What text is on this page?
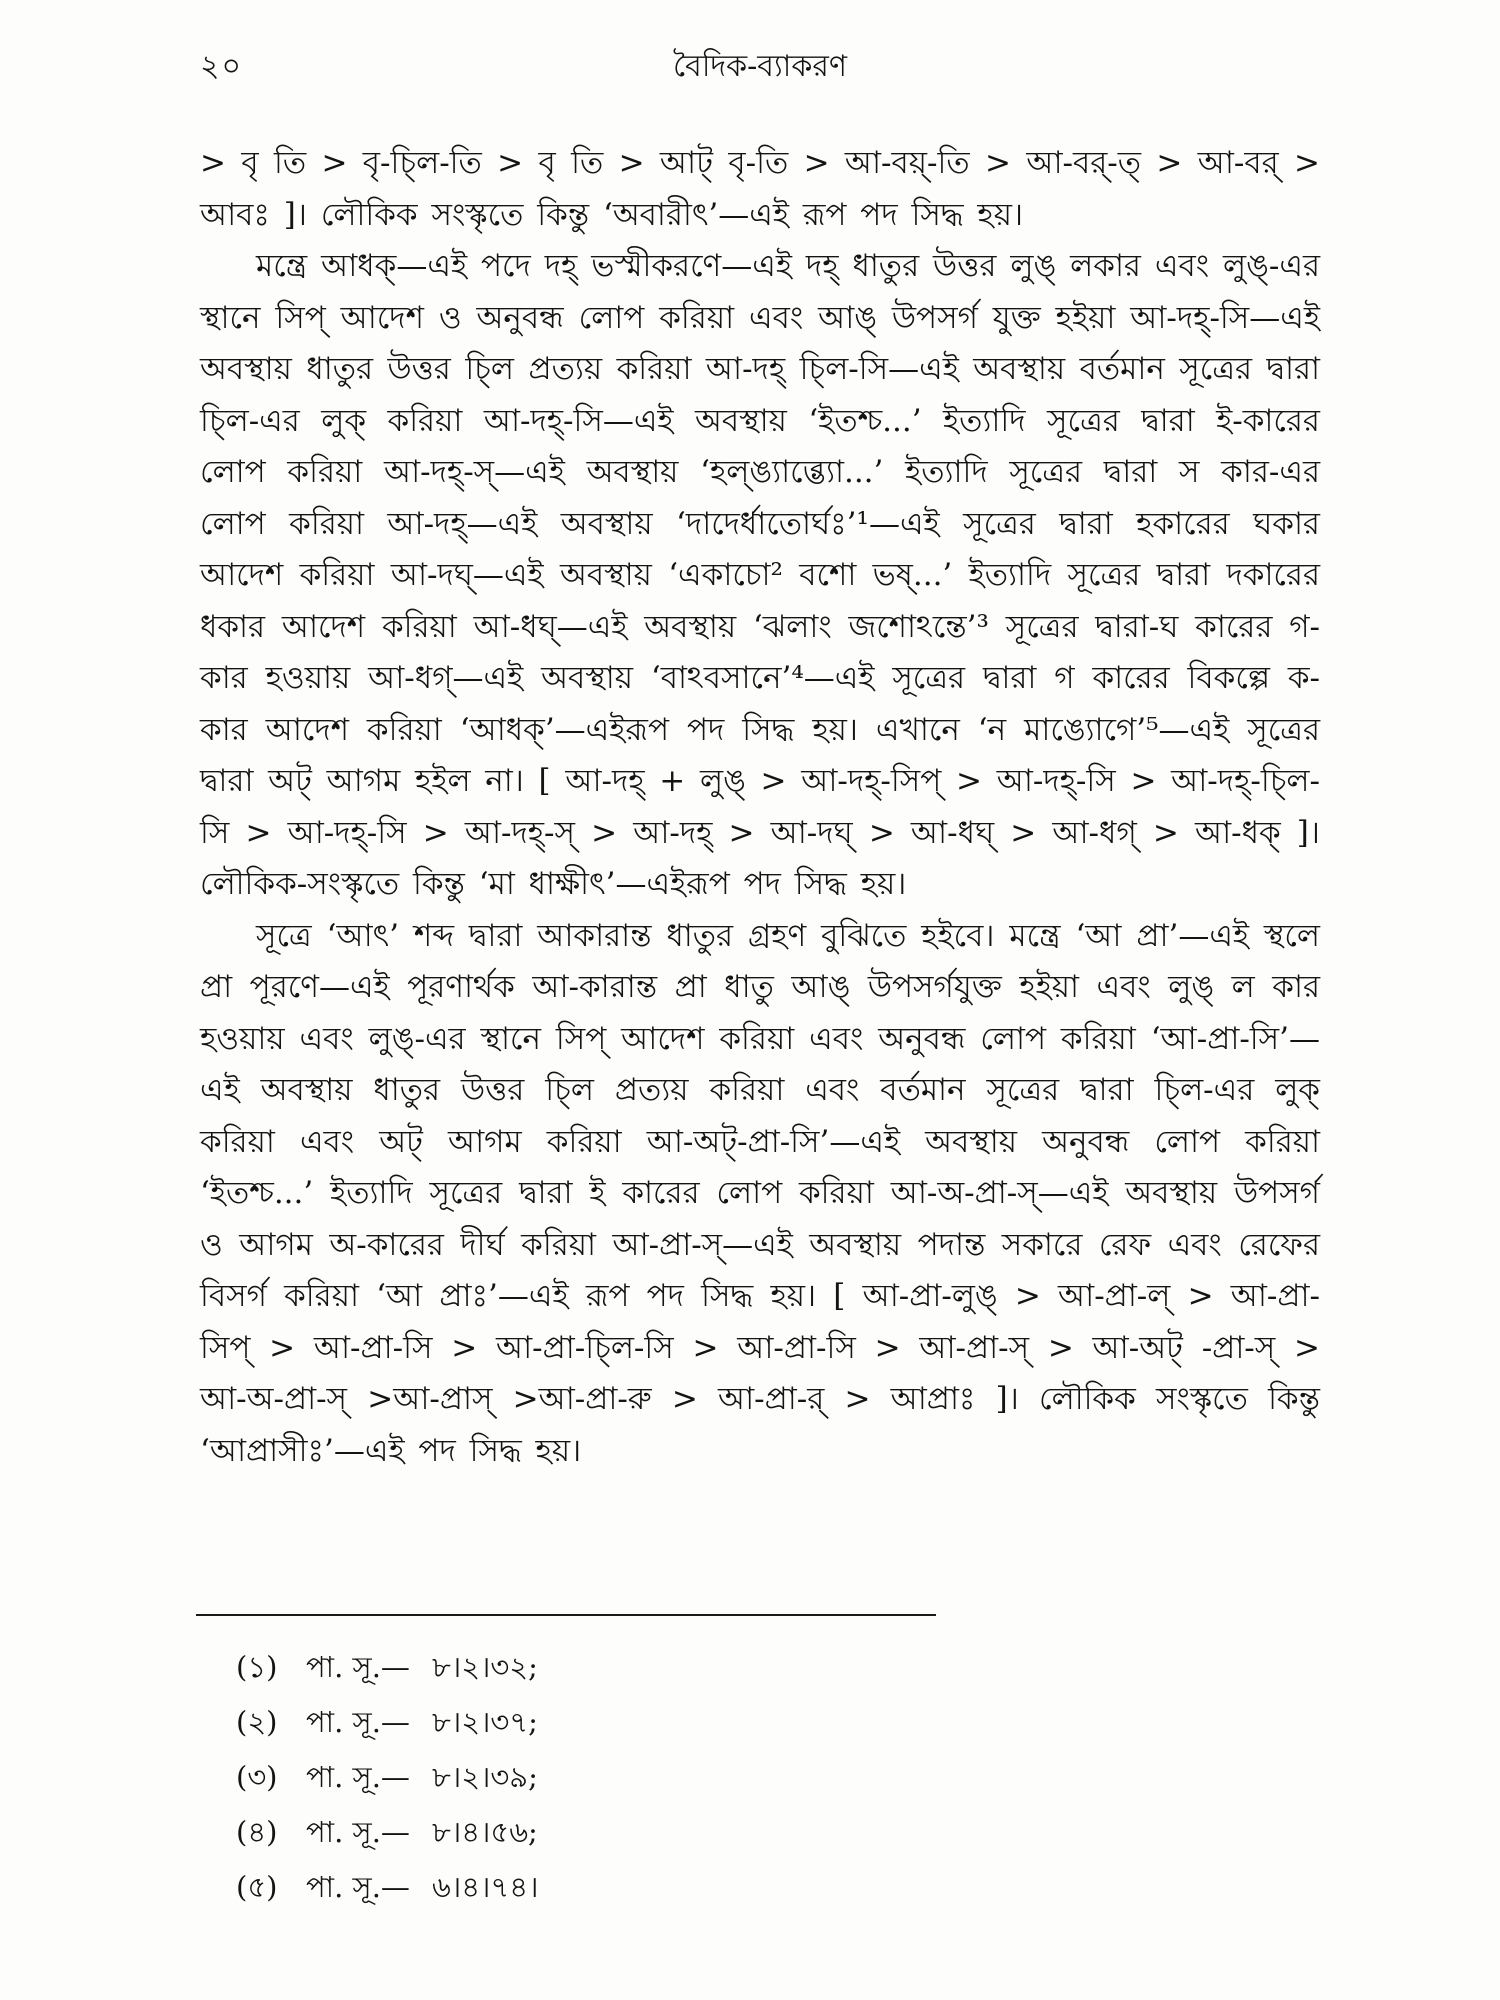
২০	বৈদিক-ব্যাকরণ

> বৃ তি > বৃ-চ্লি-তি > বৃ তি > আট্ বৃ-তি > আ-বয়্-তি > আ-বর্-ত্ > আ-বর্ > আবঃ ]। লৌকিক সংস্কৃতে কিন্তু ‘অবারীৎ’—এই রূপ পদ সিদ্ধ হয়।

মন্ত্রে আধক্—এই পদে দহ্ ভস্মীকরণে—এই দহ্ ধাতুর উত্তর লুঙ্ লকার এবং লুঙ্-এর স্থানে সিপ্ আদেশ ও অনুবন্ধ লোপ করিয়া এবং আঙ্ উপসর্গ যুক্ত হইয়া আ-দহ্-সি—এই অবস্থায় ধাতুর উত্তর চ্লি প্রত্যয় করিয়া আ-দহ্ চ্লি-সি—এই অবস্থায় বর্তমান সূত্রের দ্বারা চ্লি-এর লুক্ করিয়া আ-দহ্-সি—এই অবস্থায় ‘ইতশ্চ...’ ইত্যাদি সূত্রের দ্বারা ই-কারের লোপ করিয়া আ-দহ্-স্—এই অবস্থায় ‘হল্ঙ্যাব্ভ্যো...’ ইত্যাদি সূত্রের দ্বারা স কার-এর লোপ করিয়া আ-দহ্—এই অবস্থায় ‘দাদের্ধাতোর্ঘঃ’¹—এই সূত্রের দ্বারা হকারের ঘকার আদেশ করিয়া আ-দঘ্—এই অবস্থায় ‘একাচো² বশো ভষ্...’ ইত্যাদি সূত্রের দ্বারা দকারের ধকার আদেশ করিয়া আ-ধঘ্—এই অবস্থায় ‘ঝলাং জশোঽন্তে’³ সূত্রের দ্বারা-ঘ কারের গ-কার হওয়ায় আ-ধগ্—এই অবস্থায় ‘বাঽবসানে’⁴—এই সূত্রের দ্বারা গ কারের বিকল্পে ক-কার আদেশ করিয়া ‘আধক্’—এইরূপ পদ সিদ্ধ হয়। এখানে ‘ন মাঙ্যোগে’⁵—এই সূত্রের দ্বারা অট্ আগম হইল না। [ আ-দহ্ + লুঙ্ > আ-দহ্-সিপ্ > আ-দহ্-সি > আ-দহ্-চ্লি-সি > আ-দহ্-সি > আ-দহ্-স্ > আ-দহ্ > আ-দঘ্ > আ-ধঘ্ > আ-ধগ্ > আ-ধক্ ]। লৌকিক-সংস্কৃতে কিন্তু ‘মা ধাক্ষীৎ’—এইরূপ পদ সিদ্ধ হয়।

সূত্রে ‘আৎ’ শব্দ দ্বারা আকারান্ত ধাতুর গ্রহণ বুঝিতে হইবে। মন্ত্রে ‘আ প্রা’—এই স্থলে প্রা পূরণে—এই পূরণার্থক আ-কারান্ত প্রা ধাতু আঙ্ উপসর্গযুক্ত হইয়া এবং লুঙ্ ল কার হওয়ায় এবং লুঙ্-এর স্থানে সিপ্ আদেশ করিয়া এবং অনুবন্ধ লোপ করিয়া ‘আ-প্রা-সি’—এই অবস্থায় ধাতুর উত্তর চ্লি প্রত্যয় করিয়া এবং বর্তমান সূত্রের দ্বারা চ্লি-এর লুক্ করিয়া এবং অট্ আগম করিয়া আ-অট্-প্রা-সি’—এই অবস্থায় অনুবন্ধ লোপ করিয়া ‘ইতশ্চ...’ ইত্যাদি সূত্রের দ্বারা ই কারের লোপ করিয়া আ-অ-প্রা-স্—এই অবস্থায় উপসর্গ ও আগম অ-কারের দীর্ঘ করিয়া আ-প্রা-স্—এই অবস্থায় পদান্ত সকারে রেফ এবং রেফের বিসর্গ করিয়া ‘আ প্রাঃ’—এই রূপ পদ সিদ্ধ হয়। [ আ-প্রা-লুঙ্ > আ-প্রা-ল্ > আ-প্রা-সিপ্ > আ-প্রা-সি > আ-প্রা-চ্লি-সি > আ-প্রা-সি > আ-প্রা-স্ > আ-অট্ -প্রা-স্ > আ-অ-প্রা-স্ >আ-প্রাস্ >আ-প্রা-রু > আ-প্রা-র্ > আপ্রাঃ ]। লৌকিক সংস্কৃতে কিন্তু ‘আপ্রাসীঃ’—এই পদ সিদ্ধ হয়।

(১) পা. সূ.— ৮।২।৩২;
(২) পা. সূ.— ৮।২।৩৭;
(৩) পা. সূ.— ৮।২।৩৯;
(৪) পা. সূ.— ৮।৪।৫৬;
(৫) পা. সূ.— ৬।৪।৭৪।
